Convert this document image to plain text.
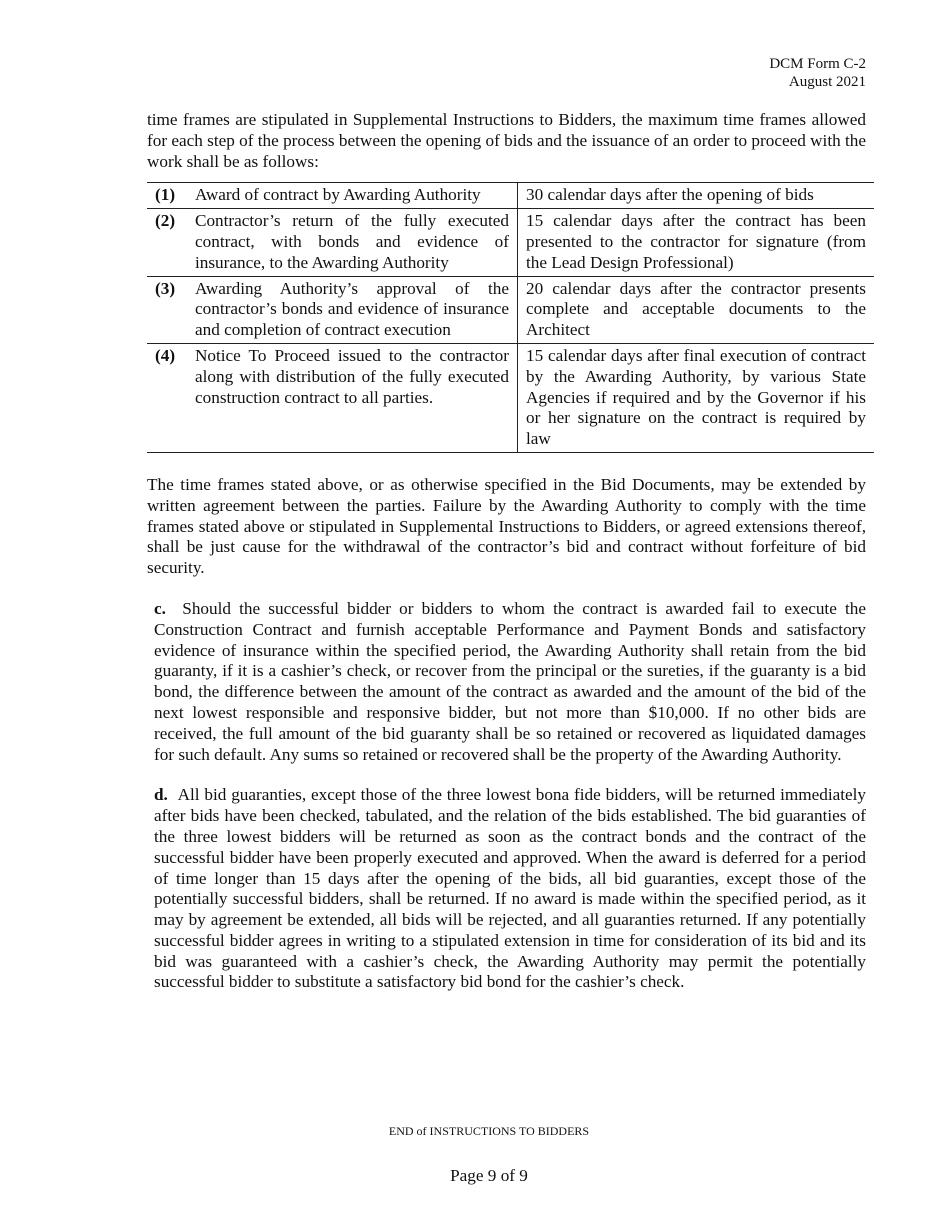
DCM Form C-2
August 2021

time frames are stipulated in Supplemental Instructions to Bidders, the maximum time frames allowed for each step of the process between the opening of bids and the issuance of an order to proceed with the work shall be as follows:

(1)	Award of contract by Awarding Authority	30 calendar days after the opening of bids
(2)	Contractor’s return of the fully executed contract, with bonds and evidence of insurance, to the Awarding Authority	15 calendar days after the contract has been presented to the contractor for signature (from the Lead Design Professional)
(3)	Awarding Authority’s approval of the contractor’s bonds and evidence of insurance and completion of contract execution	20 calendar days after the contractor presents complete and acceptable documents to the Architect
(4)	Notice To Proceed issued to the contractor along with distribution of the fully executed construction contract to all parties.	15 calendar days after final execution of contract by the Awarding Authority, by various State Agencies if required and by the Governor if his or her signature on the contract is required by law

The time frames stated above, or as otherwise specified in the Bid Documents, may be extended by written agreement between the parties. Failure by the Awarding Authority to comply with the time frames stated above or stipulated in Supplemental Instructions to Bidders, or agreed extensions thereof, shall be just cause for the withdrawal of the contractor’s bid and contract without forfeiture of bid security.

c. Should the successful bidder or bidders to whom the contract is awarded fail to execute the Construction Contract and furnish acceptable Performance and Payment Bonds and satisfactory evidence of insurance within the specified period, the Awarding Authority shall retain from the bid guaranty, if it is a cashier’s check, or recover from the principal or the sureties, if the guaranty is a bid bond, the difference between the amount of the contract as awarded and the amount of the bid of the next lowest responsible and responsive bidder, but not more than $10,000. If no other bids are received, the full amount of the bid guaranty shall be so retained or recovered as liquidated damages for such default. Any sums so retained or recovered shall be the property of the Awarding Authority.

d. All bid guaranties, except those of the three lowest bona fide bidders, will be returned immediately after bids have been checked, tabulated, and the relation of the bids established. The bid guaranties of the three lowest bidders will be returned as soon as the contract bonds and the contract of the successful bidder have been properly executed and approved. When the award is deferred for a period of time longer than 15 days after the opening of the bids, all bid guaranties, except those of the potentially successful bidders, shall be returned. If no award is made within the specified period, as it may by agreement be extended, all bids will be rejected, and all guaranties returned. If any potentially successful bidder agrees in writing to a stipulated extension in time for consideration of its bid and its bid was guaranteed with a cashier’s check, the Awarding Authority may permit the potentially successful bidder to substitute a satisfactory bid bond for the cashier’s check.

END of INSTRUCTIONS TO BIDDERS
Page 9 of 9
